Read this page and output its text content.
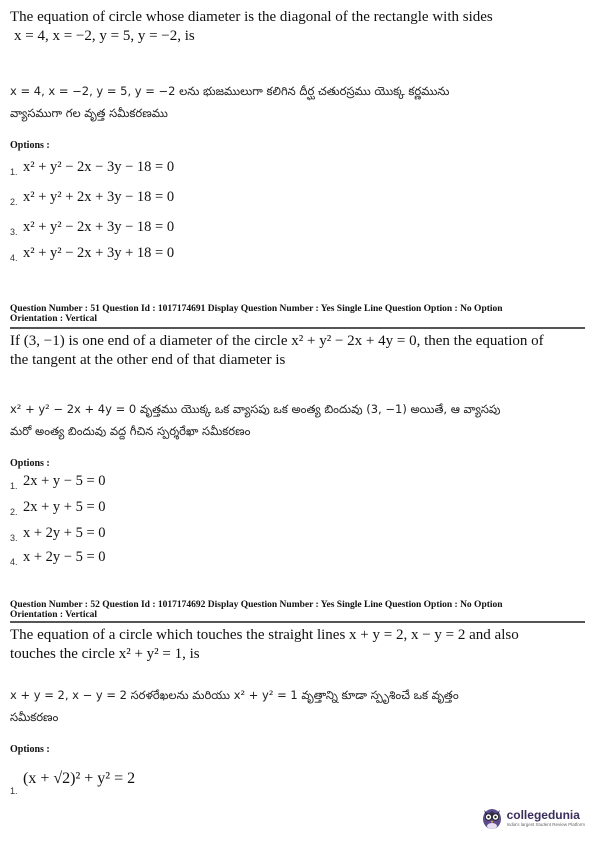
The equation of circle whose diameter is the diagonal of the rectangle with sides

x = 4, x = −2, y = 5, y = −2, is

x = 4, x = −2, y = 5, y = −2 లను భుజములుగా కలిగిన దీర్ఘ చతురస్రము యొక్క కర్ణమును

వ్యాసముగా గల వృత్త సమీకరణము

Options :

1. x² + y² − 2x − 3y − 18 = 0
2. x² + y² + 2x + 3y − 18 = 0
3. x² + y² − 2x + 3y − 18 = 0
4. x² + y² − 2x + 3y + 18 = 0

Question Number : 51 Question Id : 1017174691 Display Question Number : Yes Single Line Question Option : No Option

Orientation : Vertical

If (3, −1) is one end of a diameter of the circle x² + y² − 2x + 4y = 0, then the equation of

the tangent at the other end of that diameter is

x² + y² − 2x + 4y = 0 వృత్తము యొక్క ఒక వ్యాసపు ఒక అంత్య బిందువు (3, −1) అయితే, ఆ వ్యాసపు

మరో అంత్య బిందువు వద్ద గీచిన స్పర్శరేఖా సమీకరణం

Options :

1. 2x + y − 5 = 0
2. 2x + y + 5 = 0
3. x + 2y + 5 = 0
4. x + 2y − 5 = 0

Question Number : 52 Question Id : 1017174692 Display Question Number : Yes Single Line Question Option : No Option

Orientation : Vertical

The equation of a circle which touches the straight lines x + y = 2, x − y = 2 and also

touches the circle x² + y² = 1, is

x + y = 2, x − y = 2 సరళరేఖలను మరియు x² + y² = 1 వృత్తాన్ని కూడా స్పృశించే ఒక వృత్తం

సమీకరణం

Options :

1.
(x + √2)² + y² = 2
collegedunia
India's largest Student Review Platform
